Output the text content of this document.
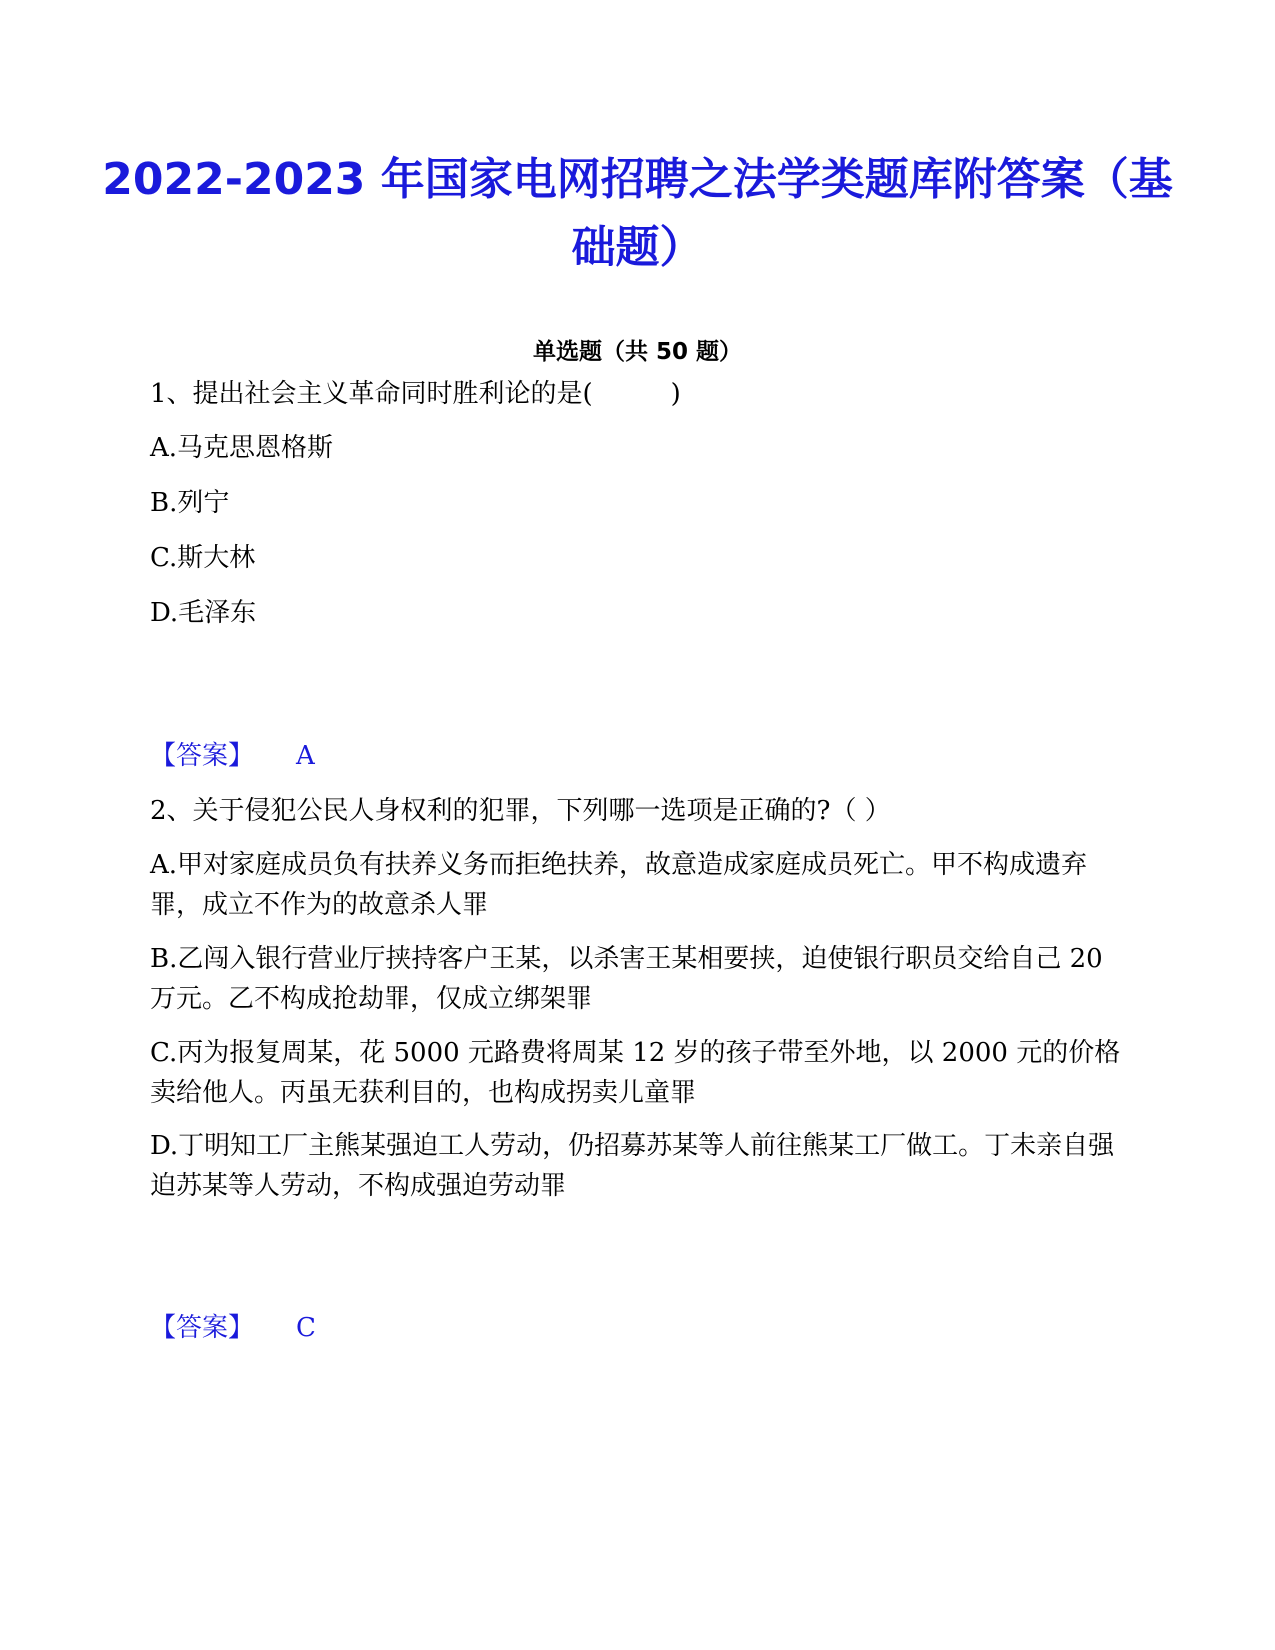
2022-2023 年国家电网招聘之法学类题库附答案（基础题）
单选题（共 50 题）

1、提出社会主义革命同时胜利论的是(　　　)

A.马克思恩格斯

B.列宁

C.斯大林

D.毛泽东

【答案】 A

2、关于侵犯公民人身权利的犯罪，下列哪一选项是正确的?（ ）

A.甲对家庭成员负有扶养义务而拒绝扶养，故意造成家庭成员死亡。甲不构成遗弃罪，成立不作为的故意杀人罪

B.乙闯入银行营业厅挟持客户王某，以杀害王某相要挟，迫使银行职员交给自己 20 万元。乙不构成抢劫罪，仅成立绑架罪

C.丙为报复周某，花 5000 元路费将周某 12 岁的孩子带至外地，以 2000 元的价格卖给他人。丙虽无获利目的，也构成拐卖儿童罪

D.丁明知工厂主熊某强迫工人劳动，仍招募苏某等人前往熊某工厂做工。丁未亲自强迫苏某等人劳动，不构成强迫劳动罪

【答案】 C
